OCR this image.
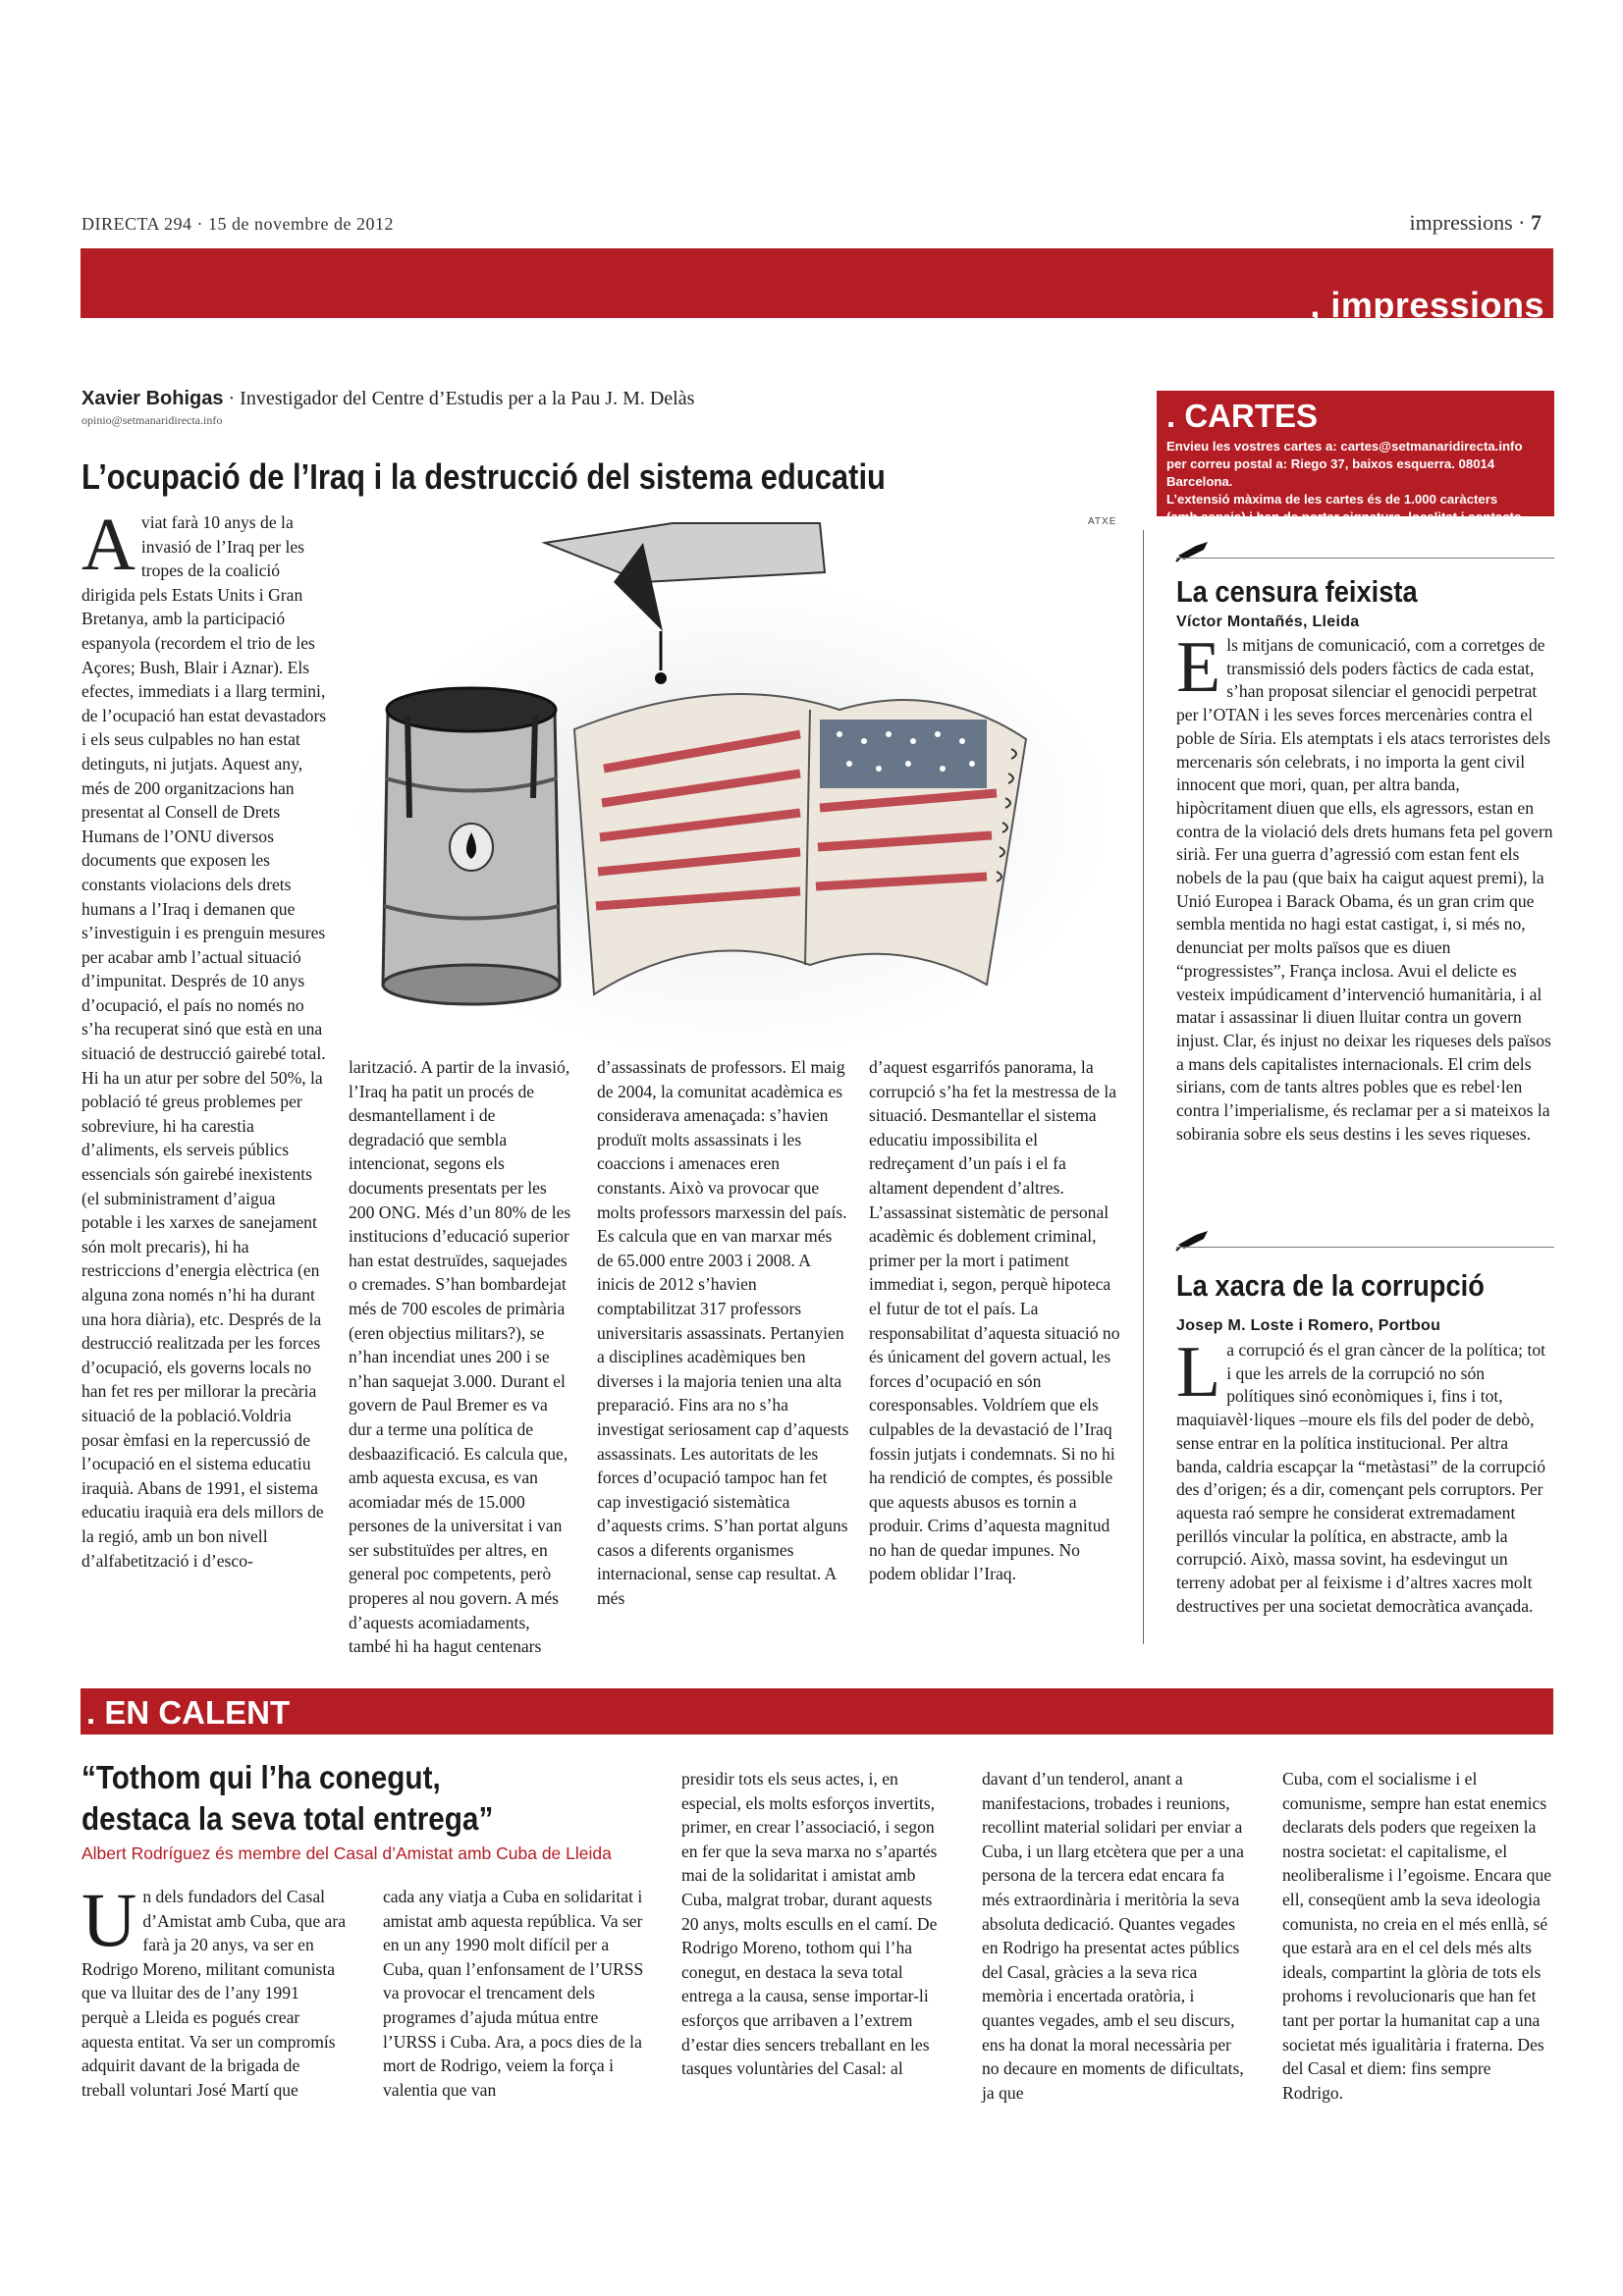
DIRECTA 294 · 15 de novembre de 2012	impressions · 7
, impressions
Xavier Bohigas · Investigador del Centre d’Estudis per a la Pau J. M. Delàs
opinio@setmanaridirecta.info
L’ocupació de l’Iraq i la destrucció del sistema educatiu
ATXE
A viat farà 10 anys de la invasió de l’Iraq per les tropes de la coalició dirigida pels Estats Units i Gran Bretanya, amb la participació espanyola (recordem el trio de les Açores; Bush, Blair i Aznar). Els efectes, immediats i a llarg termini, de l’ocupació han estat devastadors i els seus culpables no han estat detinguts, ni jutjats. Aquest any, més de 200 organitzacions han presentat al Consell de Drets Humans de l’ONU diversos documents que exposen les constants violacions dels drets humans a l’Iraq i demanen que s’investiguin i es prenguin mesures per acabar amb l’actual situació d’impunitat. Després de 10 anys d’ocupació, el país no només no s’ha recuperat sinó que està en una situació de destrucció gairebé total. Hi ha un atur per sobre del 50%, la població té greus problemes per sobreviure, hi ha carestia d’aliments, els serveis públics essencials són gairebé inexistents (el subministrament d’aigua potable i les xarxes de sanejament són molt precaris), hi ha restriccions d’energia elèctrica (en alguna zona només n’hi ha durant una hora diària), etc. Després de la destrucció realitzada per les forces d’ocupació, els governs locals no han fet res per millorar la precària situació de la població.Voldria posar èmfasi en la repercussió de l’ocupació en el sistema educatiu iraquià. Abans de 1991, el sistema educatiu iraquià era dels millors de la regió, amb un bon nivell d’alfabetització i d’esco-
larització. A partir de la invasió, l’Iraq ha patit un procés de desmantellament i de degradació que sembla intencionat, segons els documents presentats per les 200 ONG. Més d’un 80% de les institucions d’educació superior han estat destruïdes, saquejades o cremades. S’han bombardejat més de 700 escoles de primària (eren objectius militars?), se n’han incendiat unes 200 i se n’han saquejat 3.000. Durant el govern de Paul Bremer es va dur a terme una política de desbaazificació. Es calcula que, amb aquesta excusa, es van acomiadar més de 15.000 persones de la universitat i van ser substituïdes per altres, en general poc competents, però properes al nou govern. A més d’aquests acomiadaments, també hi ha hagut centenars
d’assassinats de professors. El maig de 2004, la comunitat acadèmica es considerava amenaçada: s’havien produït molts assassinats i les coaccions i amenaces eren constants. Això va provocar que molts professors marxessin del país. Es calcula que en van marxar més de 65.000 entre 2003 i 2008. A inicis de 2012 s’havien comptabilitzat 317 professors universitaris assassinats. Pertanyien a disciplines acadèmiques ben diverses i la majoria tenien una alta preparació. Fins ara no s’ha investigat seriosament cap d’aquests assassinats. Les autoritats de les forces d’ocupació tampoc han fet cap investigació sistemàtica d’aquests crims. S’han portat alguns casos a diferents organismes internacional, sense cap resultat. A més
d’aquest esgarrifós panorama, la corrupció s’ha fet la mestressa de la situació. Desmantellar el sistema educatiu impossibilita el redreçament d’un país i el fa altament dependent d’altres. L’assassinat sistemàtic de personal acadèmic és doblement criminal, primer per la mort i patiment immediat i, segon, perquè hipoteca el futur de tot el país. La responsabilitat d’aquesta situació no és únicament del govern actual, les forces d’ocupació en són coresponsables. Voldríem que els culpables de la devastació de l’Iraq fossin jutjats i condemnats. Si no hi ha rendició de comptes, és possible que aquests abusos es tornin a produir. Crims d’aquesta magnitud no han de quedar impunes. No podem oblidar l’Iraq.
. CARTES
Envieu les vostres cartes a: cartes@setmanaridirecta.info
per correu postal a: Riego 37, baixos esquerra. 08014 Barcelona.
L’extensió màxima de les cartes és de 1.000 caràcters
(amb espais) i han de portar signatura, localitat i contacte.
La censura feixista
Víctor Montañés, Lleida
E ls mitjans de comunicació, com a corretges de transmissió dels poders fàctics de cada estat, s’han proposat silenciar el genocidi perpetrat per l’OTAN i les seves forces mercenàries contra el poble de Síria. Els atemptats i els atacs terroristes dels mercenaris són celebrats, i no importa la gent civil innocent que mori, quan, per altra banda, hipòcritament diuen que ells, els agressors, estan en contra de la violació dels drets humans feta pel govern sirià. Fer una guerra d’agressió com estan fent els nobels de la pau (que baix ha caigut aquest premi), la Unió Europea i Barack Obama, és un gran crim que sembla mentida no hagi estat castigat, i, si més no, denunciat per molts països que es diuen “progressistes”, França inclosa. Avui el delicte es vesteix impúdicament d’intervenció humanitària, i al matar i assassinar li diuen lluitar contra un govern injust. Clar, és injust no deixar les riqueses dels països a mans dels capitalistes internacionals. El crim dels sirians, com de tants altres pobles que es rebel·len contra l’imperialisme, és reclamar per a si mateixos la sobirania sobre els seus destins i les seves riqueses.
La xacra de la corrupció
Josep M. Loste i Romero, Portbou
L a corrupció és el gran càncer de la política; tot i que les arrels de la corrupció no són polítiques sinó econòmiques i, fins i tot, maquiavèl·liques –moure els fils del poder de debò, sense entrar en la política institucional. Per altra banda, caldria escapçar la “metàstasi” de la corrupció des d’origen; és a dir, començant pels corruptors. Per aquesta raó sempre he considerat extremadament perillós vincular la política, en abstracte, amb la corrupció. Això, massa sovint, ha esdevingut un terreny adobat per al feixisme i d’altres xacres molt destructives per una societat democràtica avançada.
. EN CALENT
“Tothom qui l’ha conegut,
destaca la seva total entrega”
Albert Rodríguez és membre del Casal d’Amistat amb Cuba de Lleida
U n dels fundadors del Casal d’Amistat amb Cuba, que ara farà ja 20 anys, va ser en Rodrigo Moreno, militant comunista que va lluitar des de l’any 1991 perquè a Lleida es pogués crear aquesta entitat. Va ser un compromís adquirit davant de la brigada de treball voluntari José Martí que
cada any viatja a Cuba en solidaritat i amistat amb aquesta república. Va ser en un any 1990 molt difícil per a Cuba, quan l’enfonsament de l’URSS va provocar el trencament dels programes d’ajuda mútua entre l’URSS i Cuba. Ara, a pocs dies de la mort de Rodrigo, veiem la força i valentia que van
presidir tots els seus actes, i, en especial, els molts esforços invertits, primer, en crear l’associació, i segon en fer que la seva marxa no s’apartés mai de la solidaritat i amistat amb Cuba, malgrat trobar, durant aquests 20 anys, molts esculls en el camí. De Rodrigo Moreno, tothom qui l’ha conegut, en destaca la seva total entrega a la causa, sense importar-li esforços que arribaven a l’extrem d’estar dies sencers treballant en les tasques voluntàries del Casal: al
davant d’un tenderol, anant a manifestacions, trobades i reunions, recollint material solidari per enviar a Cuba, i un llarg etcètera que per a una persona de la tercera edat encara fa més extraordinària i meritòria la seva absoluta dedicació. Quantes vegades en Rodrigo ha presentat actes públics del Casal, gràcies a la seva rica memòria i encertada oratòria, i quantes vegades, amb el seu discurs, ens ha donat la moral necessària per no decaure en moments de dificultats, ja que
Cuba, com el socialisme i el comunisme, sempre han estat enemics declarats dels poders que regeixen la nostra societat: el capitalisme, el neoliberalisme i l’egoisme. Encara que ell, conseqüent amb la seva ideologia comunista, no creia en el més enllà, sé que estarà ara en el cel dels més alts ideals, compartint la glòria de tots els prohoms i revolucionaris que han fet tant per portar la humanitat cap a una societat més igualitària i fraterna. Des del Casal et diem: fins sempre Rodrigo.
